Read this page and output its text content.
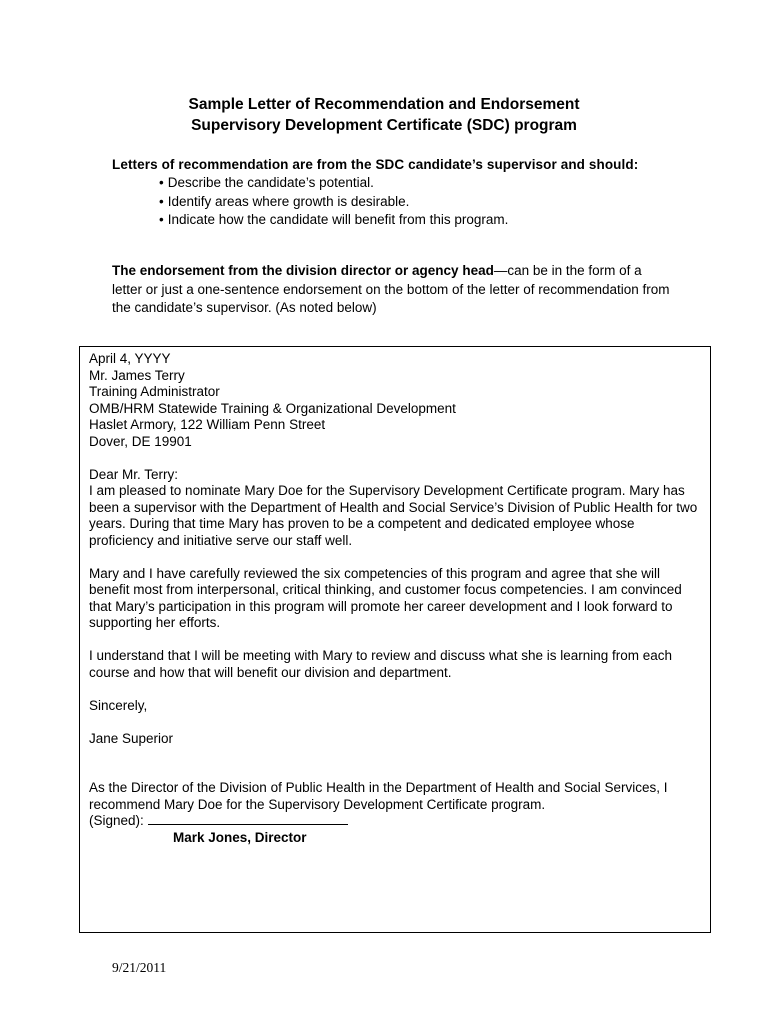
Sample Letter of Recommendation and Endorsement
Supervisory Development Certificate (SDC) program
Letters of recommendation are from the SDC candidate’s supervisor and should:
• Describe the candidate’s potential.
• Identify areas where growth is desirable.
• Indicate how the candidate will benefit from this program.
The endorsement from the division director or agency head—can be in the form of a letter or just a one-sentence endorsement on the bottom of the letter of recommendation from the candidate’s supervisor. (As noted below)

April 4, YYYY

Mr. James Terry

Training Administrator

OMB/HRM Statewide Training & Organizational Development

Haslet Armory, 122 William Penn Street

Dover, DE 19901

Dear Mr. Terry:

I am pleased to nominate Mary Doe for the Supervisory Development Certificate program. Mary has been a supervisor with the Department of Health and Social Service’s Division of Public Health for two years. During that time Mary has proven to be a competent and dedicated employee whose proficiency and initiative serve our staff well.

Mary and I have carefully reviewed the six competencies of this program and agree that she will benefit most from interpersonal, critical thinking, and customer focus competencies. I am convinced that Mary’s participation in this program will promote her career development and I look forward to supporting her efforts.

I understand that I will be meeting with Mary to review and discuss what she is learning from each course and how that will benefit our division and department.

Sincerely,

Jane Superior

As the Director of the Division of Public Health in the Department of Health and Social Services, I recommend Mary Doe for the Supervisory Development Certificate program.

(Signed):

Mark Jones, Director

9/21/2011
